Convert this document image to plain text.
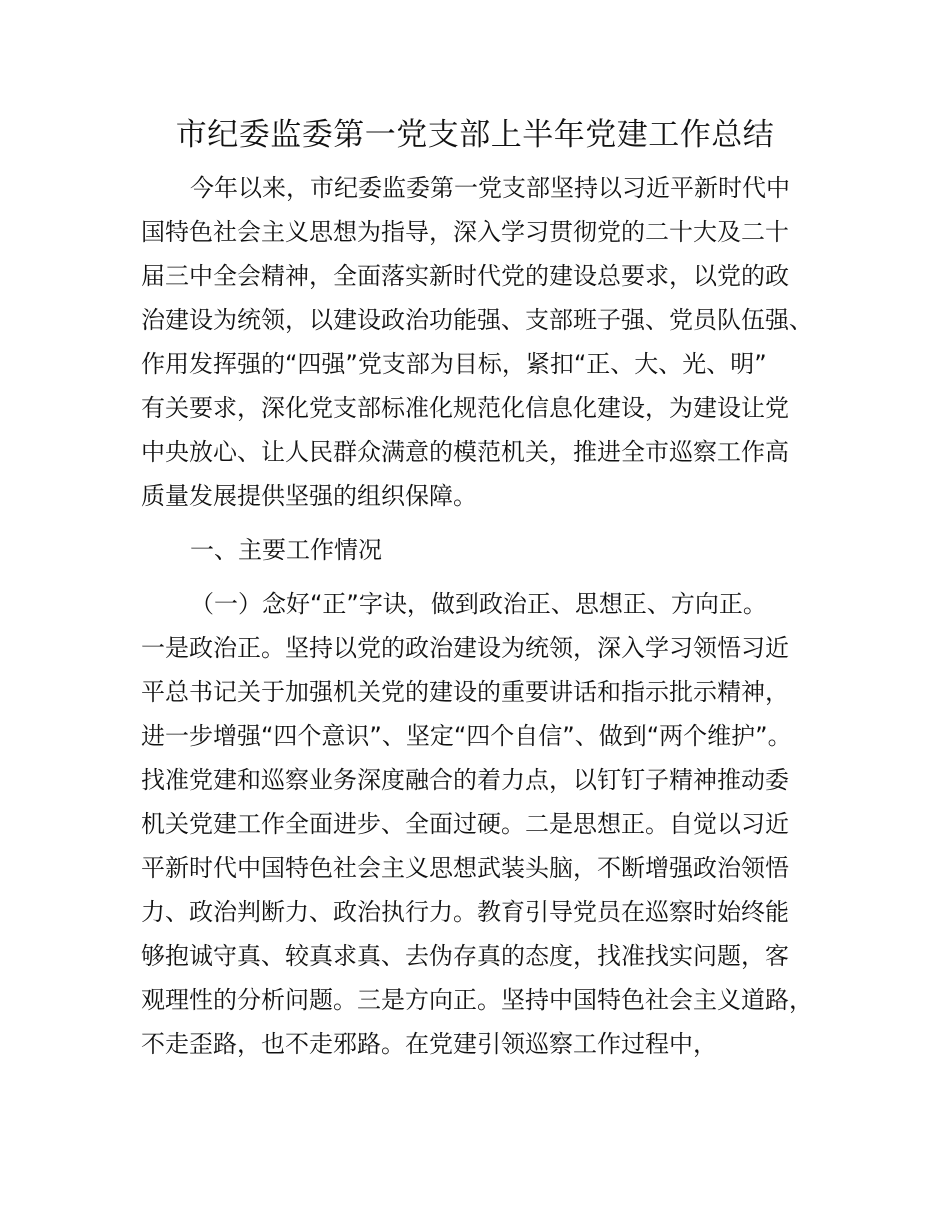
市纪委监委第一党支部上半年党建工作总结
今年以来，市纪委监委第一党支部坚持以习近平新时代中
国特色社会主义思想为指导，深入学习贯彻党的二十大及二十
届三中全会精神，全面落实新时代党的建设总要求，以党的政
治建设为统领，以建设政治功能强、支部班子强、党员队伍强、
作用发挥强的“四强”党支部为目标，紧扣“正、大、光、明”
有关要求，深化党支部标准化规范化信息化建设，为建设让党
中央放心、让人民群众满意的模范机关，推进全市巡察工作高
质量发展提供坚强的组织保障。
一、主要工作情况
（一）念好“正”字诀，做到政治正、思想正、方向正。
一是政治正。坚持以党的政治建设为统领，深入学习领悟习近
平总书记关于加强机关党的建设的重要讲话和指示批示精神，
进一步增强“四个意识”、坚定“四个自信”、做到“两个维护”。
找准党建和巡察业务深度融合的着力点，以钉钉子精神推动委
机关党建工作全面进步、全面过硬。二是思想正。自觉以习近
平新时代中国特色社会主义思想武装头脑，不断增强政治领悟
力、政治判断力、政治执行力。教育引导党员在巡察时始终能
够抱诚守真、较真求真、去伪存真的态度，找准找实问题，客
观理性的分析问题。三是方向正。坚持中国特色社会主义道路，
不走歪路，也不走邪路。在党建引领巡察工作过程中，
